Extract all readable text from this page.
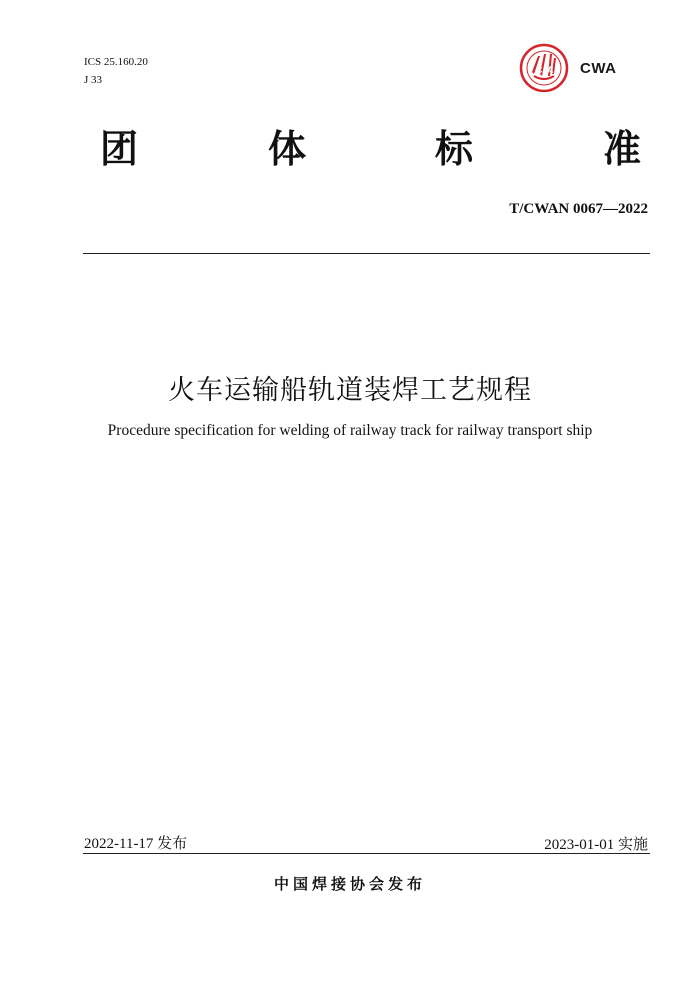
ICS 25.160.20
J 33
C A CWA
团	体	标	准
T/CWAN 0067—2022
火车运输船轨道装焊工艺规程
Procedure specification for welding of railway track for railway transport ship
2022-11-17 发布	2023-01-01 实施
中国焊接协会发布
